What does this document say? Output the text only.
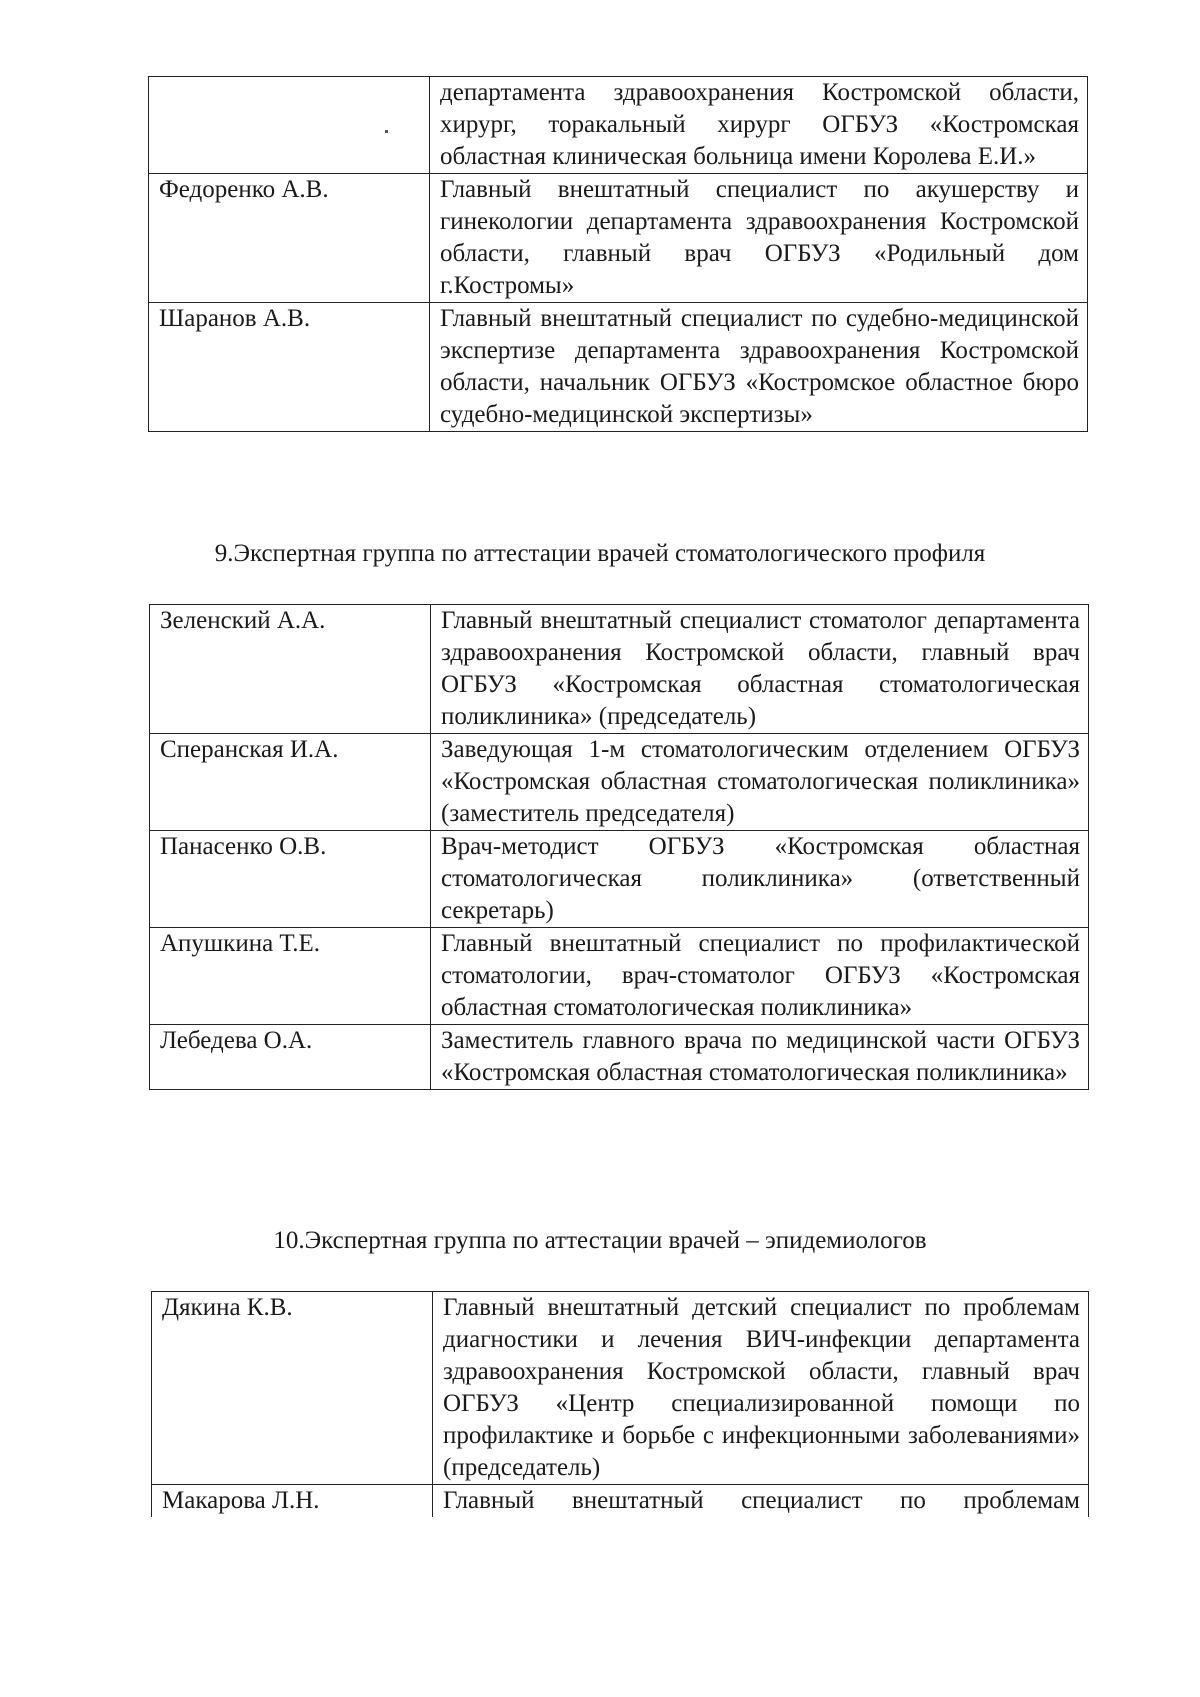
	департамента здравоохранения Костромской области, хирург, торакальный хирург ОГБУЗ «Костромская областная клиническая больница имени Королева Е.И.»
Федоренко А.В.	Главный внештатный специалист по акушерству и гинекологии департамента здравоохранения Костромской области, главный врач ОГБУЗ «Родильный дом г.Костромы»
Шаранов А.В.	Главный внештатный специалист по судебно-медицинской экспертизе департамента здравоохранения Костромской области, начальник ОГБУЗ «Костромское областное бюро судебно-медицинской экспертизы»
9.Экспертная группа по аттестации врачей стоматологического профиля
Зеленский А.А.	Главный внештатный специалист стоматолог департамента здравоохранения Костромской области, главный врач ОГБУЗ «Костромская областная стоматологическая поликлиника» (председатель)
Сперанская И.А.	Заведующая 1-м стоматологическим отделением ОГБУЗ «Костромская областная стоматологическая поликлиника» (заместитель председателя)
Панасенко О.В.	Врач-методист ОГБУЗ «Костромская областная стоматологическая поликлиника» (ответственный секретарь)
Апушкина Т.Е.	Главный внештатный специалист по профилактической стоматологии, врач-стоматолог ОГБУЗ «Костромская областная стоматологическая поликлиника»
Лебедева О.А.	Заместитель главного врача по медицинской части ОГБУЗ «Костромская областная стоматологическая поликлиника»
10.Экспертная группа по аттестации врачей – эпидемиологов
Дякина К.В.	Главный внештатный детский специалист по проблемам диагностики и лечения ВИЧ-инфекции департамента здравоохранения Костромской области, главный врач ОГБУЗ «Центр специализированной помощи по профилактике и борьбе с инфекционными заболеваниями» (председатель)
Макарова Л.Н.	Главный внештатный специалист по проблемам
